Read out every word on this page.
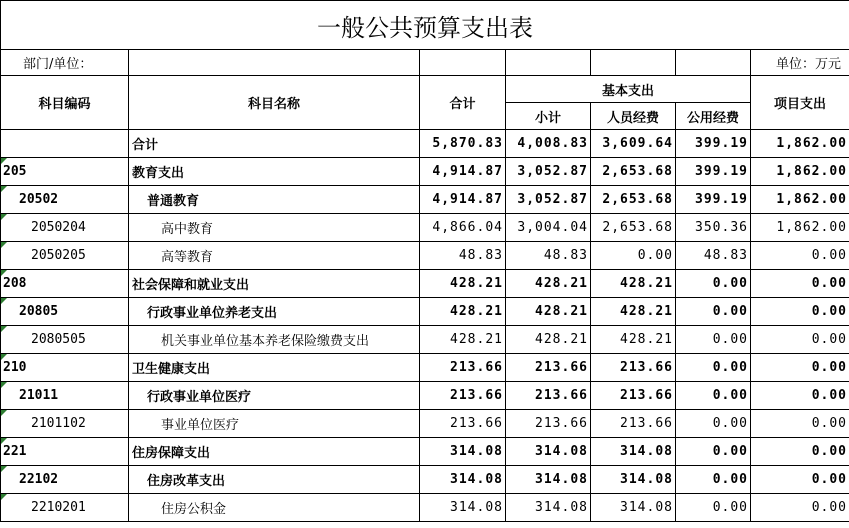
一般公共预算支出表						
部门/单位：						单位：万元
科目编码	科目名称	合计	基本支出			项目支出
			小计	人员经费	公用经费	
	合计	5,870.83	4,008.83	3,609.64	399.19	1,862.00
205	教育支出	4,914.87	3,052.87	2,653.68	399.19	1,862.00
20502	普通教育	4,914.87	3,052.87	2,653.68	399.19	1,862.00
2050204	高中教育	4,866.04	3,004.04	2,653.68	350.36	1,862.00
2050205	高等教育	48.83	48.83	0.00	48.83	0.00
208	社会保障和就业支出	428.21	428.21	428.21	0.00	0.00
20805	行政事业单位养老支出	428.21	428.21	428.21	0.00	0.00
2080505	机关事业单位基本养老保险缴费支出	428.21	428.21	428.21	0.00	0.00
210	卫生健康支出	213.66	213.66	213.66	0.00	0.00
21011	行政事业单位医疗	213.66	213.66	213.66	0.00	0.00
2101102	事业单位医疗	213.66	213.66	213.66	0.00	0.00
221	住房保障支出	314.08	314.08	314.08	0.00	0.00
22102	住房改革支出	314.08	314.08	314.08	0.00	0.00
2210201	住房公积金	314.08	314.08	314.08	0.00	0.00
